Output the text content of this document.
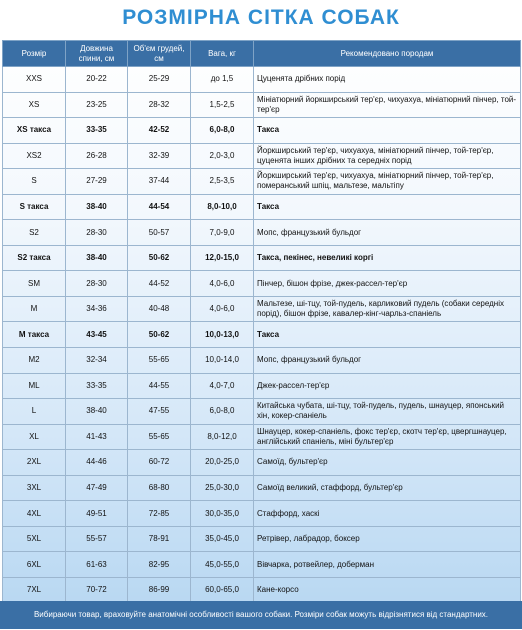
РОЗМІРНА СІТКА СОБАК
Розмір	Довжина спини, см	Об'єм грудей, см	Вага, кг	Рекомендовано породам
XXS	20-22	25-29	до 1,5	Цуценята дрібних порід
XS	23-25	28-32	1,5-2,5	Мініатюрний йоркширський тер'єр, чихуахуа, мініатюрний пінчер, той-тер'єр
XS такса	33-35	42-52	6,0-8,0	Такса
XS2	26-28	32-39	2,0-3,0	Йоркширський тер'єр, чихуахуа, мініатюрний пінчер, той-тер'єр, цуценята інших дрібних та середніх порід
S	27-29	37-44	2,5-3,5	Йоркширський тер'єр, чихуахуа, мініатюрний пінчер, той-тер'єр, померанський шпіц, мальтезе, мальтіпу
S такса	38-40	44-54	8,0-10,0	Такса
S2	28-30	50-57	7,0-9,0	Мопс, французький бульдог
S2 такса	38-40	50-62	12,0-15,0	Такса, пекінес, невеликі коргі
SM	28-30	44-52	4,0-6,0	Пінчер, бішон фрізе, джек-рассел-тер'єр
M	34-36	40-48	4,0-6,0	Мальтезе, ші-тцу, той-пудель, карликовий пудель (собаки середніх порід), бішон фрізе, кавалер-кінг-чарльз-спаніель
M такса	43-45	50-62	10,0-13,0	Такса
M2	32-34	55-65	10,0-14,0	Мопс, французький бульдог
ML	33-35	44-55	4,0-7,0	Джек-рассел-тер'єр
L	38-40	47-55	6,0-8,0	Китайська чубата, ші-тцу, той-пудель, пудель, шнауцер, японський хін, кокер-спаніель
XL	41-43	55-65	8,0-12,0	Шнауцер, кокер-спаніель, фокс тер'єр, скотч тер'єр, цвергшнауцер, англійський спаніель, міні бультер'єр
2XL	44-46	60-72	20,0-25,0	Самоїд, бультер'єр
3XL	47-49	68-80	25,0-30,0	Самоїд великий, стаффорд, бультер'єр
4XL	49-51	72-85	30,0-35,0	Стаффорд, хаскі
5XL	55-57	78-91	35,0-45,0	Ретрівер, лабрадор, боксер
6XL	61-63	82-95	45,0-55,0	Вівчарка, ротвейлер, доберман
7XL	70-72	86-99	60,0-65,0	Кане-корсо
Вибираючи товар, враховуйте анатомічні особливості вашого собаки. Розміри собак можуть відрізнятися від стандартних.
